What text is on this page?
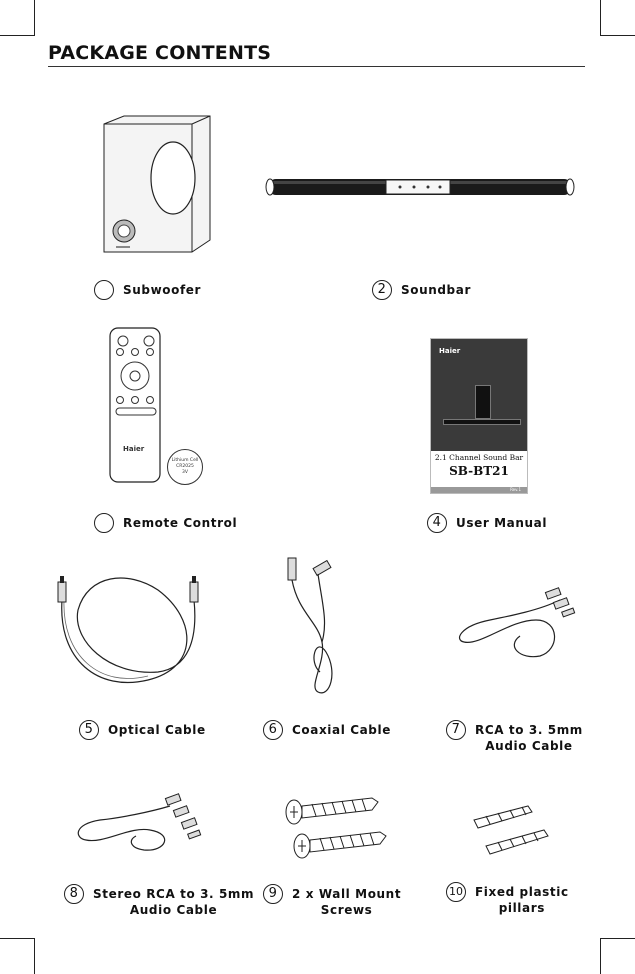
PACKAGE CONTENTS
Subwoofer	2	Soundbar
Haier
Lithium Cell
CR2025
3V
Haier
2.1 Channel Sound Bar
SB-BT21
Rev.1
Remote Control	4	User Manual
5	Optical Cable	6	Coaxial Cable	7	RCA to 3. 5mm
Audio Cable
8	Stereo RCA to 3. 5mm
Audio Cable
9	2 x Wall Mount
Screws
10 Fixed plastic
pillars
